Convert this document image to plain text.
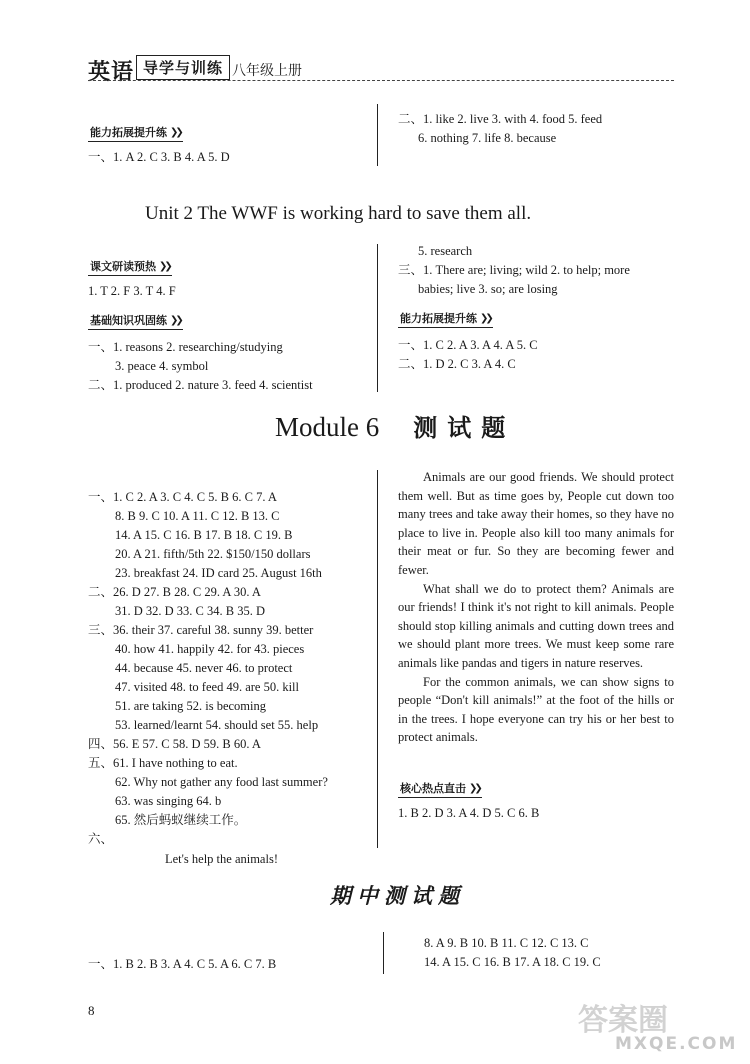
英语 导学与训练 八年级上册
能力拓展提升练 ❯❯
一、1. A 2. C 3. B 4. A 5. D
二、1. like 2. live 3. with 4. food 5. feed
6. nothing 7. life 8. because
Unit 2 The WWF is working hard to save them all.
课文研读预热 ❯❯
1. T 2. F 3. T 4. F
基础知识巩固练 ❯❯
一、1. reasons 2. researching/studying
3. peace 4. symbol
二、1. produced 2. nature 3. feed 4. scientist
5. research
三、1. There are; living; wild 2. to help; more
babies; live 3. so; are losing
能力拓展提升练 ❯❯
一、1. C 2. A 3. A 4. A 5. C
二、1. D 2. C 3. A 4. C
Module 6 测试题
一、1. C 2. A 3. C 4. C 5. B 6. C 7. A
8. B 9. C 10. A 11. C 12. B 13. C
14. A 15. C 16. B 17. B 18. C 19. B
20. A 21. fifth/5th 22. $150/150 dollars
23. breakfast 24. ID card 25. August 16th
二、26. D 27. B 28. C 29. A 30. A
31. D 32. D 33. C 34. B 35. D
三、36. their 37. careful 38. sunny 39. better
40. how 41. happily 42. for 43. pieces
44. because 45. never 46. to protect
47. visited 48. to feed 49. are 50. kill
51. are taking 52. is becoming
53. learned/learnt 54. should set 55. help
四、56. E 57. C 58. D 59. B 60. A
五、61. I have nothing to eat.
62. Why not gather any food last summer?
63. was singing 64. b
65. 然后蚂蚁继续工作。
六、
Let's help the animals!

Animals are our good friends. We should protect them well. But as time goes by, People cut down too many trees and take away their homes, so they have no place to live in. People also kill too many animals for their meat or fur. So they are becoming fewer and fewer.

What shall we do to protect them? Animals are our friends! I think it's not right to kill animals. People should stop killing animals and cutting down trees and we should plant more trees. We must keep some rare animals like pandas and tigers in nature reserves.

For the common animals, we can show signs to people “Don't kill animals!” at the foot of the hills or in the trees. I hope everyone can try his or her best to protect animals.

核心热点直击 ❯❯
1. B 2. D 3. A 4. D 5. C 6. B
期中测试题
一、1. B 2. B 3. A 4. C 5. A 6. C 7. B
8. A 9. B 10. B 11. C 12. C 13. C
14. A 15. C 16. B 17. A 18. C 19. C
8	答案圈
MXQE.COM
